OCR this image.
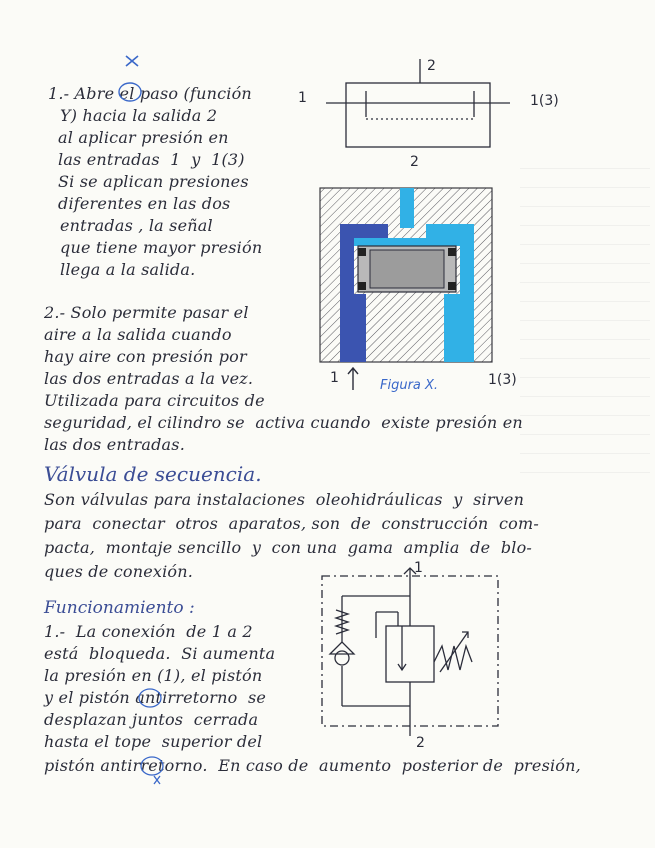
1.- Abre el paso (función
Y) hacia la salida 2
al aplicar presión en
las entradas  1  y  1(3)
Si se aplican presiones
diferentes en las dos
entradas , la señal
que tiene mayor presión
llega a la salida.
2.- Solo permite pasar el
aire a la salida cuando
hay aire con presión por
las dos entradas a la vez.
Utilizada para circuitos de
seguridad, el cilindro se  activa cuando  existe presión en
las dos entradas.
2
1	1(3)
2
1	Figura X.	1(3)
Válvula de secuencia.
Son válvulas para instalaciones  oleohidráulicas  y  sirven
para  conectar  otros  aparatos, son  de  construcción  com-
pacta,  montaje sencillo  y  con una  gama  amplia  de  blo-
ques de conexión.
Funcionamiento :
1.-  La conexión  de 1 a 2
está  bloqueda.  Si aumenta
la presión en (1), el pistón
y el pistón antirretorno  se
desplazan juntos  cerrada
hasta el tope  superior del
pistón antirretorno.  En caso de  aumento  posterior de  presión,
1
2
